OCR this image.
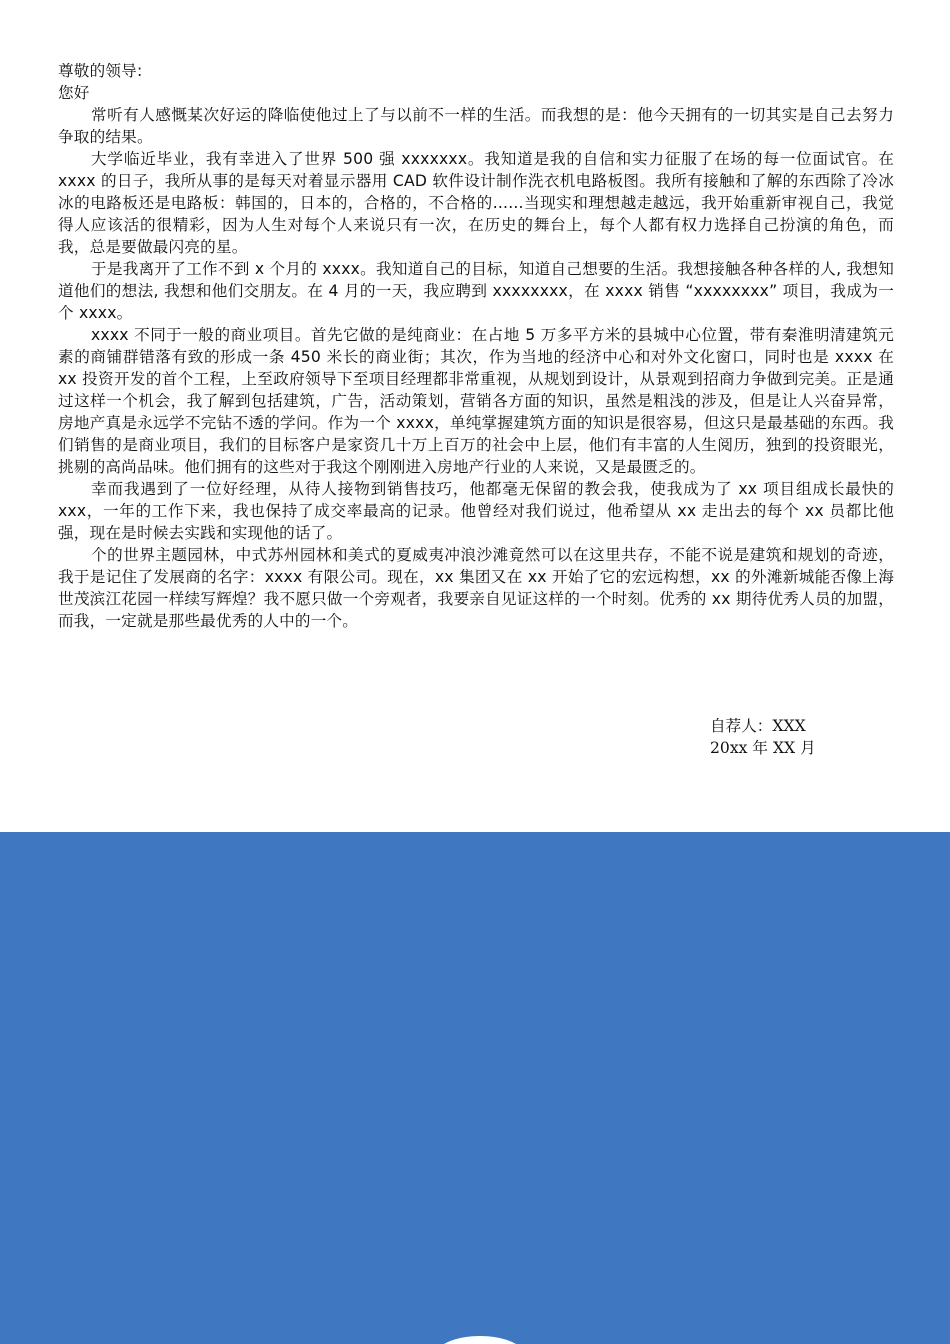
尊敬的领导:

您好

常听有人感慨某次好运的降临使他过上了与以前不一样的生活。而我想的是：他今天拥有的一切其实是自己去努力争取的结果。

大学临近毕业，我有幸进入了世界 500 强 xxxxxxx。我知道是我的自信和实力征服了在场的每一位面试官。在 xxxx 的日子，我所从事的是每天对着显示器用 CAD 软件设计制作洗衣机电路板图。我所有接触和了解的东西除了冷冰冰的电路板还是电路板：韩国的，日本的，合格的，不合格的......当现实和理想越走越远，我开始重新审视自己，我觉得人应该活的很精彩，因为人生对每个人来说只有一次，在历史的舞台上，每个人都有权力选择自己扮演的角色，而我，总是要做最闪亮的星。

于是我离开了工作不到 x 个月的 xxxx。我知道自己的目标，知道自己想要的生活。我想接触各种各样的人, 我想知道他们的想法, 我想和他们交朋友。在 4 月的一天，我应聘到 xxxxxxxx，在 xxxx 销售 “xxxxxxxx” 项目，我成为一个 xxxx。

xxxx 不同于一般的商业项目。首先它做的是纯商业：在占地 5 万多平方米的县城中心位置，带有秦淮明清建筑元素的商铺群错落有致的形成一条 450 米长的商业街；其次，作为当地的经济中心和对外文化窗口，同时也是 xxxx 在 xx 投资开发的首个工程，上至政府领导下至项目经理都非常重视，从规划到设计，从景观到招商力争做到完美。正是通过这样一个机会，我了解到包括建筑，广告，活动策划，营销各方面的知识，虽然是粗浅的涉及，但是让人兴奋异常，房地产真是永远学不完钻不透的学问。作为一个 xxxx，单纯掌握建筑方面的知识是很容易，但这只是最基础的东西。我们销售的是商业项目，我们的目标客户是家资几十万上百万的社会中上层，他们有丰富的人生阅历，独到的投资眼光，挑剔的高尚品味。他们拥有的这些对于我这个刚刚进入房地产行业的人来说，又是最匮乏的。

幸而我遇到了一位好经理，从待人接物到销售技巧，他都毫无保留的教会我，使我成为了 xx 项目组成长最快的 xxx，一年的工作下来，我也保持了成交率最高的记录。他曾经对我们说过，他希望从 xx 走出去的每个 xx 员都比他强，现在是时候去实践和实现他的话了。

个的世界主题园林，中式苏州园林和美式的夏威夷冲浪沙滩竟然可以在这里共存，不能不说是建筑和规划的奇迹，我于是记住了发展商的名字：xxxx 有限公司。现在，xx 集团又在 xx 开始了它的宏远构想，xx 的外滩新城能否像上海世茂滨江花园一样续写辉煌？我不愿只做一个旁观者，我要亲自见证这样的一个时刻。优秀的 xx 期待优秀人员的加盟，而我，一定就是那些最优秀的人中的一个。

自荐人：XXX
20xx 年 XX 月
